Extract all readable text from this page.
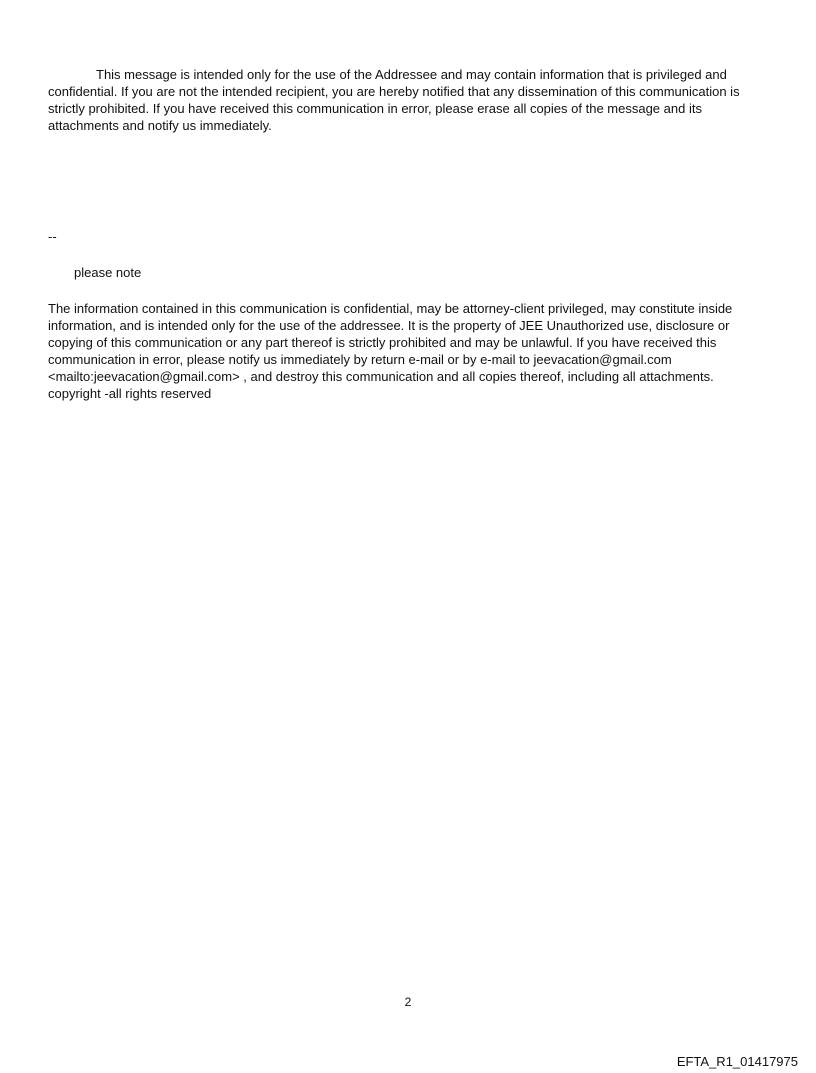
This message is intended only for the use of the Addressee and may contain information that is privileged and confidential. If you are not the intended recipient, you are hereby notified that any dissemination of this communication is strictly prohibited. If you have received this communication in error, please erase all copies of the message and its attachments and notify us immediately.

--

please note

The information contained in this communication is confidential, may be attorney-client privileged, may constitute inside information, and is intended only for the use of the addressee. It is the property of JEE Unauthorized use, disclosure or copying of this communication or any part thereof is strictly prohibited and may be unlawful. If you have received this communication in error, please notify us immediately by return e-mail or by e-mail to jeevacation@gmail.com <mailto:jeevacation@gmail.com> , and destroy this communication and all copies thereof, including all attachments. copyright -all rights reserved

2

EFTA_R1_01417975
